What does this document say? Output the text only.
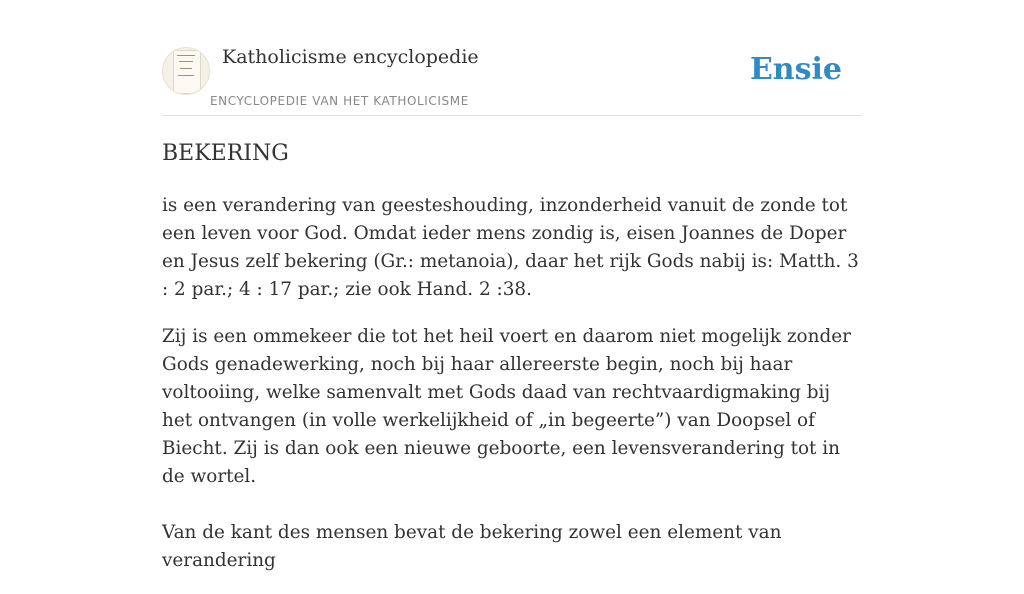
Katholicisme encyclopedie
ENCYCLOPEDIE VAN HET KATHOLICISME
Ensie
BEKERING

is een verandering van geesteshouding, inzonderheid vanuit de zonde tot een leven voor God. Omdat ieder mens zondig is, eisen Joannes de Doper en Jesus zelf bekering (Gr.: metanoia), daar het rijk Gods nabij is: Matth. 3 : 2 par.; 4 : 17 par.; zie ook Hand. 2 :38.

Zij is een ommekeer die tot het heil voert en daarom niet mogelijk zonder Gods genadewerking, noch bij haar allereerste begin, noch bij haar voltooiing, welke samenvalt met Gods daad van rechtvaardigmaking bij het ontvangen (in volle werkelijkheid of „in begeerte”) van Doopsel of Biecht. Zij is dan ook een nieuwe geboorte, een levensverandering tot in de wortel.

Van de kant des mensen bevat de bekering zowel een element van verandering
